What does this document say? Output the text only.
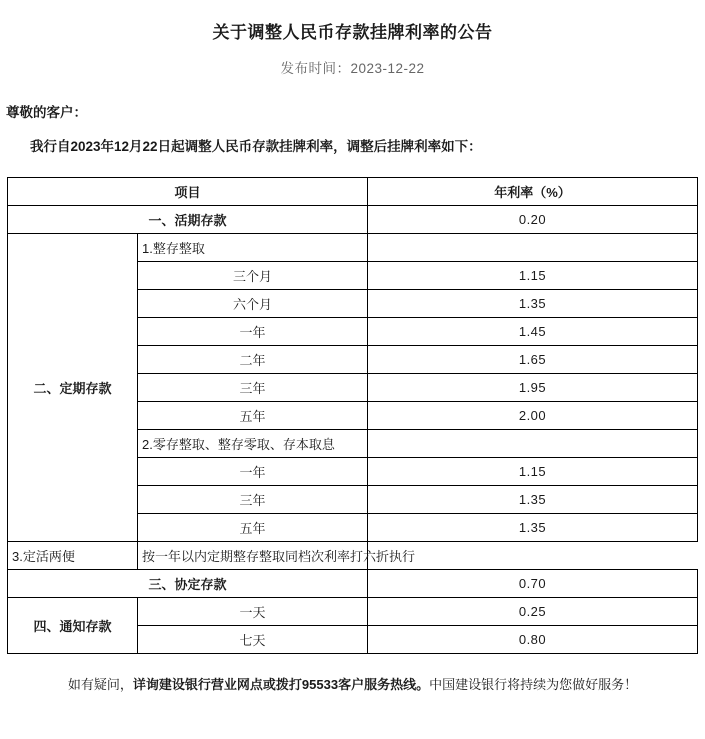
关于调整人民币存款挂牌利率的公告
发布时间：2023-12-22
尊敬的客户：
我行自2023年12月22日起调整人民币存款挂牌利率，调整后挂牌利率如下：
项目		年利率（%）
一、活期存款		0.20
二、定期存款	1.整存整取	
	三个月	1.15
	六个月	1.35
	一年	1.45
	二年	1.65
	三年	1.95
	五年	2.00
	2.零存整取、整存零取、存本取息	
	一年	1.15
	三年	1.35
	五年	1.35
3.定活两便	按一年以内定期整存整取同档次利率打六折执行	
三、协定存款		0.70
四、通知存款	一天	0.25
	七天	0.80
如有疑问，详询建设银行营业网点或拨打95533客户服务热线。中国建设银行将持续为您做好服务！
